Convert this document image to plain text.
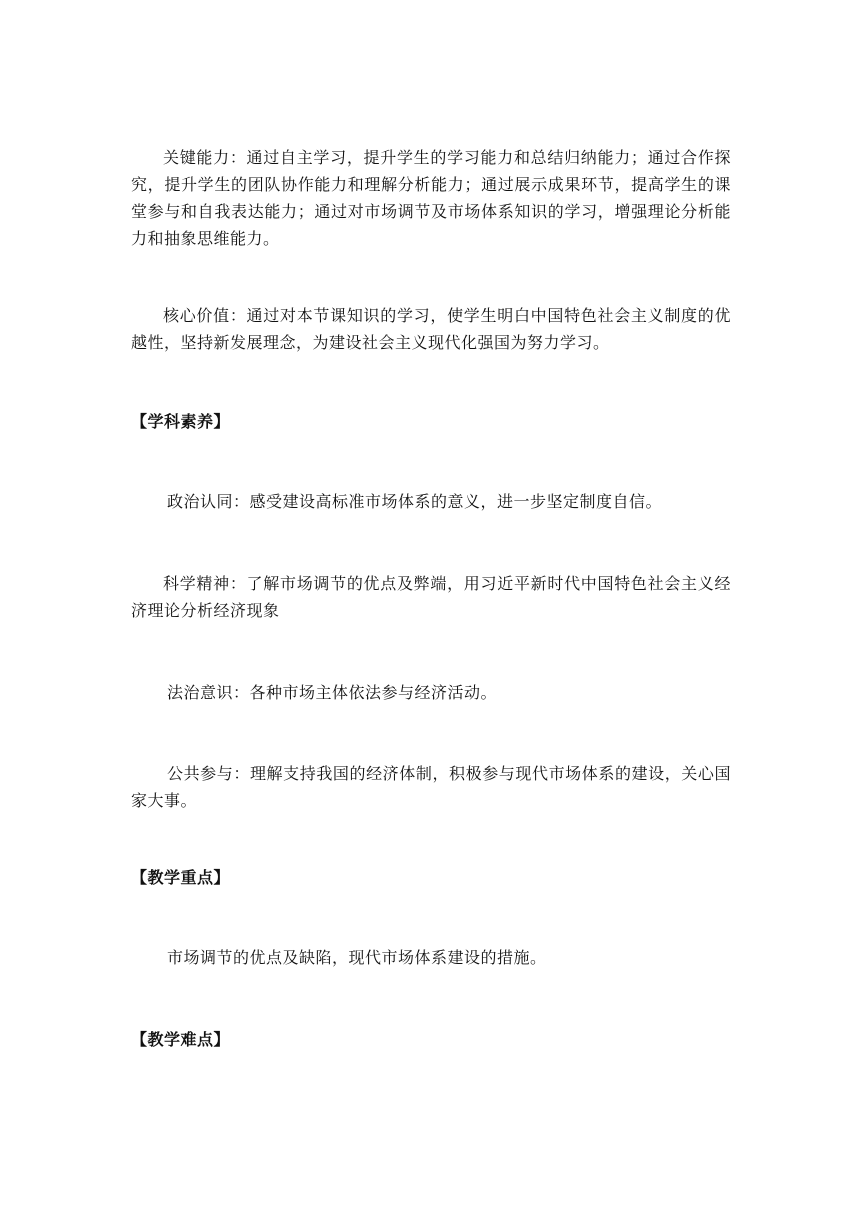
关键能力：通过自主学习，提升学生的学习能力和总结归纳能力；通过合作探究，提升学生的团队协作能力和理解分析能力；通过展示成果环节，提高学生的课堂参与和自我表达能力；通过对市场调节及市场体系知识的学习，增强理论分析能力和抽象思维能力。

核心价值：通过对本节课知识的学习，使学生明白中国特色社会主义制度的优越性，坚持新发展理念，为建设社会主义现代化强国为努力学习。

【学科素养】

政治认同：感受建设高标准市场体系的意义，进一步坚定制度自信。

科学精神：了解市场调节的优点及弊端，用习近平新时代中国特色社会主义经济理论分析经济现象

法治意识：各种市场主体依法参与经济活动。

公共参与：理解支持我国的经济体制，积极参与现代市场体系的建设，关心国家大事。

【教学重点】

市场调节的优点及缺陷，现代市场体系建设的措施。

【教学难点】
